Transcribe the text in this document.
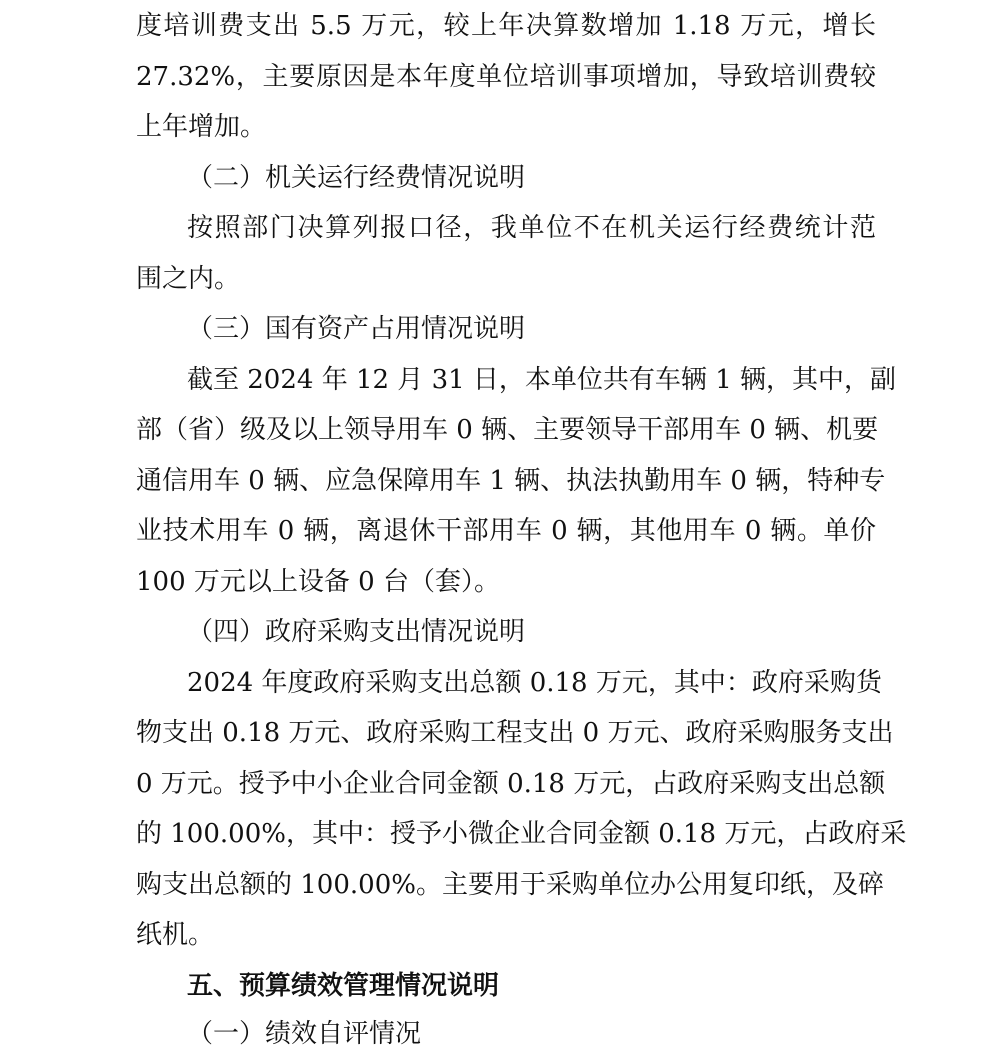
度培训费支出 5.5 万元，较上年决算数增加 1.18 万元，增长
27.32%，主要原因是本年度单位培训事项增加，导致培训费较
上年增加。
（二）机关运行经费情况说明
按照部门决算列报口径，我单位不在机关运行经费统计范
围之内。
（三）国有资产占用情况说明
截至 2024 年 12 月 31 日，本单位共有车辆 1 辆，其中，副
部（省）级及以上领导用车 0 辆、主要领导干部用车 0 辆、机要
通信用车 0 辆、应急保障用车 1 辆、执法执勤用车 0 辆，特种专
业技术用车 0 辆，离退休干部用车 0 辆，其他用车 0 辆。单价
100 万元以上设备 0 台（套）。
（四）政府采购支出情况说明
2024 年度政府采购支出总额 0.18 万元，其中：政府采购货
物支出 0.18 万元、政府采购工程支出 0 万元、政府采购服务支出
0 万元。授予中小企业合同金额 0.18 万元，占政府采购支出总额
的 100.00%，其中：授予小微企业合同金额 0.18 万元，占政府采
购支出总额的 100.00%。主要用于采购单位办公用复印纸，及碎
纸机。
五、预算绩效管理情况说明
（一）绩效自评情况
